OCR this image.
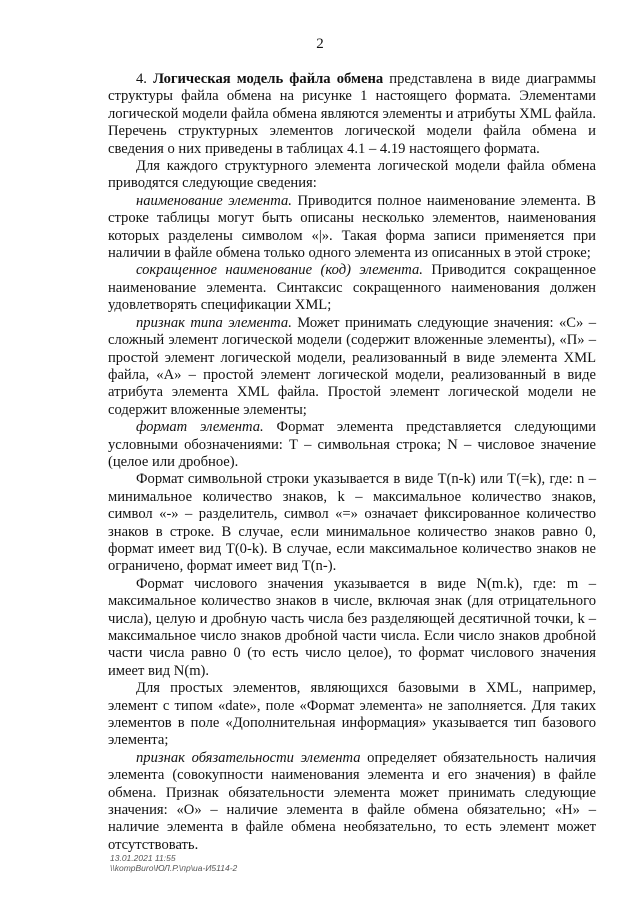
2

4. Логическая модель файла обмена представлена в виде диаграммы структуры файла обмена на рисунке 1 настоящего формата. Элементами логической модели файла обмена являются элементы и атрибуты XML файла. Перечень структурных элементов логической модели файла обмена и сведения о них приведены в таблицах 4.1 – 4.19 настоящего формата.

Для каждого структурного элемента логической модели файла обмена приводятся следующие сведения:

наименование элемента. Приводится полное наименование элемента. В строке таблицы могут быть описаны несколько элементов, наименования которых разделены символом «|». Такая форма записи применяется при наличии в файле обмена только одного элемента из описанных в этой строке;

сокращенное наименование (код) элемента. Приводится сокращенное наименование элемента. Синтаксис сокращенного наименования должен удовлетворять спецификации XML;

признак типа элемента. Может принимать следующие значения: «С» – сложный элемент логической модели (содержит вложенные элементы), «П» – простой элемент логической модели, реализованный в виде элемента XML файла, «А» – простой элемент логической модели, реализованный в виде атрибута элемента XML файла. Простой элемент логической модели не содержит вложенные элементы;

формат элемента. Формат элемента представляется следующими условными обозначениями: Т – символьная строка; N – числовое значение (целое или дробное).

Формат символьной строки указывается в виде Т(n-k) или Т(=k), где: n – минимальное количество знаков, k – максимальное количество знаков, символ «-» – разделитель, символ «=» означает фиксированное количество знаков в строке. В случае, если минимальное количество знаков равно 0, формат имеет вид Т(0-k). В случае, если максимальное количество знаков не ограничено, формат имеет вид Т(n-).

Формат числового значения указывается в виде N(m.k), где: m – максимальное количество знаков в числе, включая знак (для отрицательного числа), целую и дробную часть числа без разделяющей десятичной точки, k – максимальное число знаков дробной части числа. Если число знаков дробной части числа равно 0 (то есть число целое), то формат числового значения имеет вид N(m).

Для простых элементов, являющихся базовыми в XML, например, элемент с типом «date», поле «Формат элемента» не заполняется. Для таких элементов в поле «Дополнительная информация» указывается тип базового элемента;

признак обязательности элемента определяет обязательность наличия элемента (совокупности наименования элемента и его значения) в файле обмена. Признак обязательности элемента может принимать следующие значения: «О» – наличие элемента в файле обмена обязательно; «Н» – наличие элемента в файле обмена необязательно, то есть элемент может отсутствовать.

13.01.2021 11:55
\\kompBuro\ЮЛ.Р.\пр\иа-И5114-2
